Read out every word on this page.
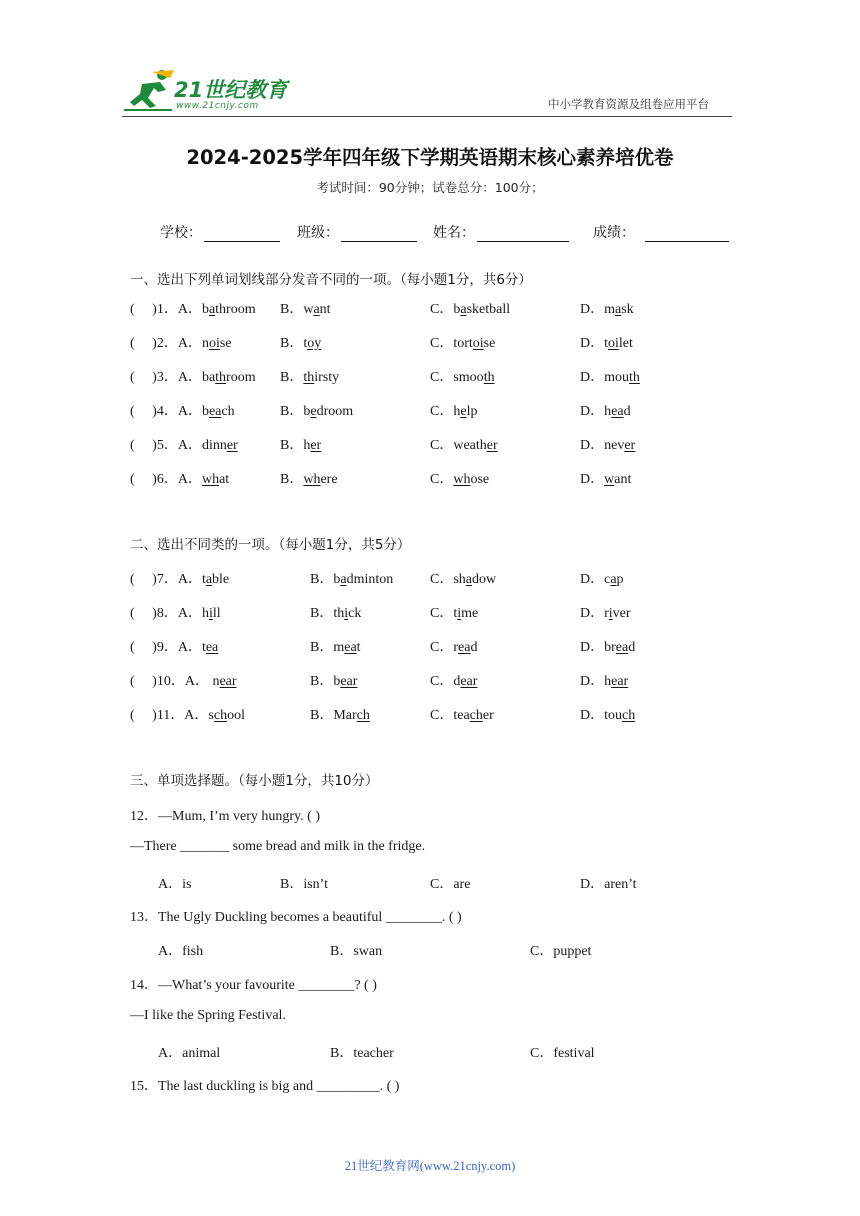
21世纪教育
www.21cnjy.com	中小学教育资源及组卷应用平台
2024-2025学年四年级下学期英语期末核心素养培优卷
考试时间：90分钟；试卷总分：100分；
学校：	班级：	姓名：	成绩：
一、选出下列单词划线部分发音不同的一项。（每小题1分，共6分）
(     )1．A．bathroom B．want	C．basketball	D．mask
(     )2．A．noise	B．toy	C．tortoise	D．toilet
(     )3．A．bathroom B．thirsty	C．smooth	D．mouth
(     )4．A．beach	B．bedroom	C．help	D．head
(     )5．A．dinner	B．her	C．weather	D．never
(     )6．A．what	B．where	C．whose	D．want
二、选出不同类的一项。（每小题1分，共5分）
(     )7．A．table	B．badminton	C．shadow	D．cap
(     )8．A．hill	B．thick	C．time	D．river
(     )9．A．tea	B．meat	C．read	D．bread
(     )10．A． near	B．bear	C．dear	D．hear
(     )11．A．school	B．March	C．teacher	D．touch
三、单项选择题。（每小题1分，共10分）
12．—Mum, I’m very hungry. ( )
—There _______ some bread and milk in the fridge.
A．is	B．isn’t	C．are	D．aren’t
13．The Ugly Duckling becomes a beautiful ________. ( )
A．fish	B．swan	C．puppet
14．—What’s your favourite ________? ( )
—I like the Spring Festival.
A．animal	B．teacher	C．festival
15．The last duckling is big and _________. ( )
21世纪教育网(www.21cnjy.com)
